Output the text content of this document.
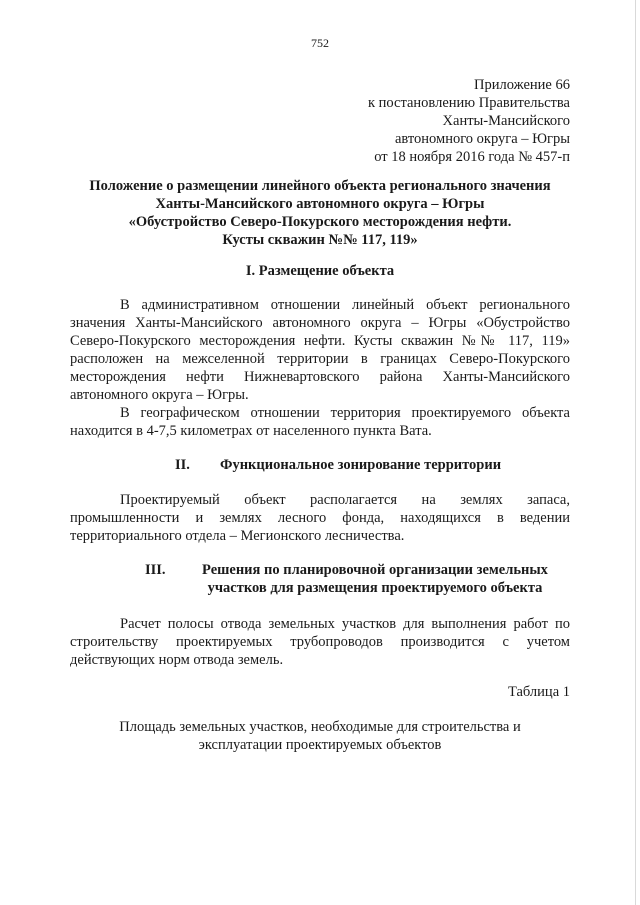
752
Приложение 66
к постановлению Правительства
Ханты-Мансийского
автономного округа – Югры
от 18 ноября 2016 года № 457-п
Положение о размещении линейного объекта регионального значения
Ханты-Мансийского автономного округа – Югры
«Обустройство Северо-Покурского месторождения нефти.
Кусты скважин №№ 117, 119»
I. Размещение объекта
В административном отношении линейный объект регионального
значения Ханты-Мансийского автономного округа – Югры «Обустройство
Северо-Покурского месторождения нефти. Кусты скважин №№ 117, 119»
расположен на межселенной территории в границах Северо-Покурского
месторождения нефти Нижневартовского района Ханты-Мансийского
автономного округа – Югры.
В географическом отношении территория проектируемого объекта
находится в 4-7,5 километрах от населенного пункта Вата.
II. Функциональное зонирование территории
Проектируемый объект располагается на землях запаса,
промышленности и землях лесного фонда, находящихся в ведении
территориального отдела – Мегионского лесничества.
III.	Решения по планировочной организации земельных
участков для размещения проектируемого объекта
Расчет полосы отвода земельных участков для выполнения работ по
строительству проектируемых трубопроводов производится с учетом
действующих норм отвода земель.
Таблица 1
Площадь земельных участков, необходимые для строительства и
эксплуатации проектируемых объектов
